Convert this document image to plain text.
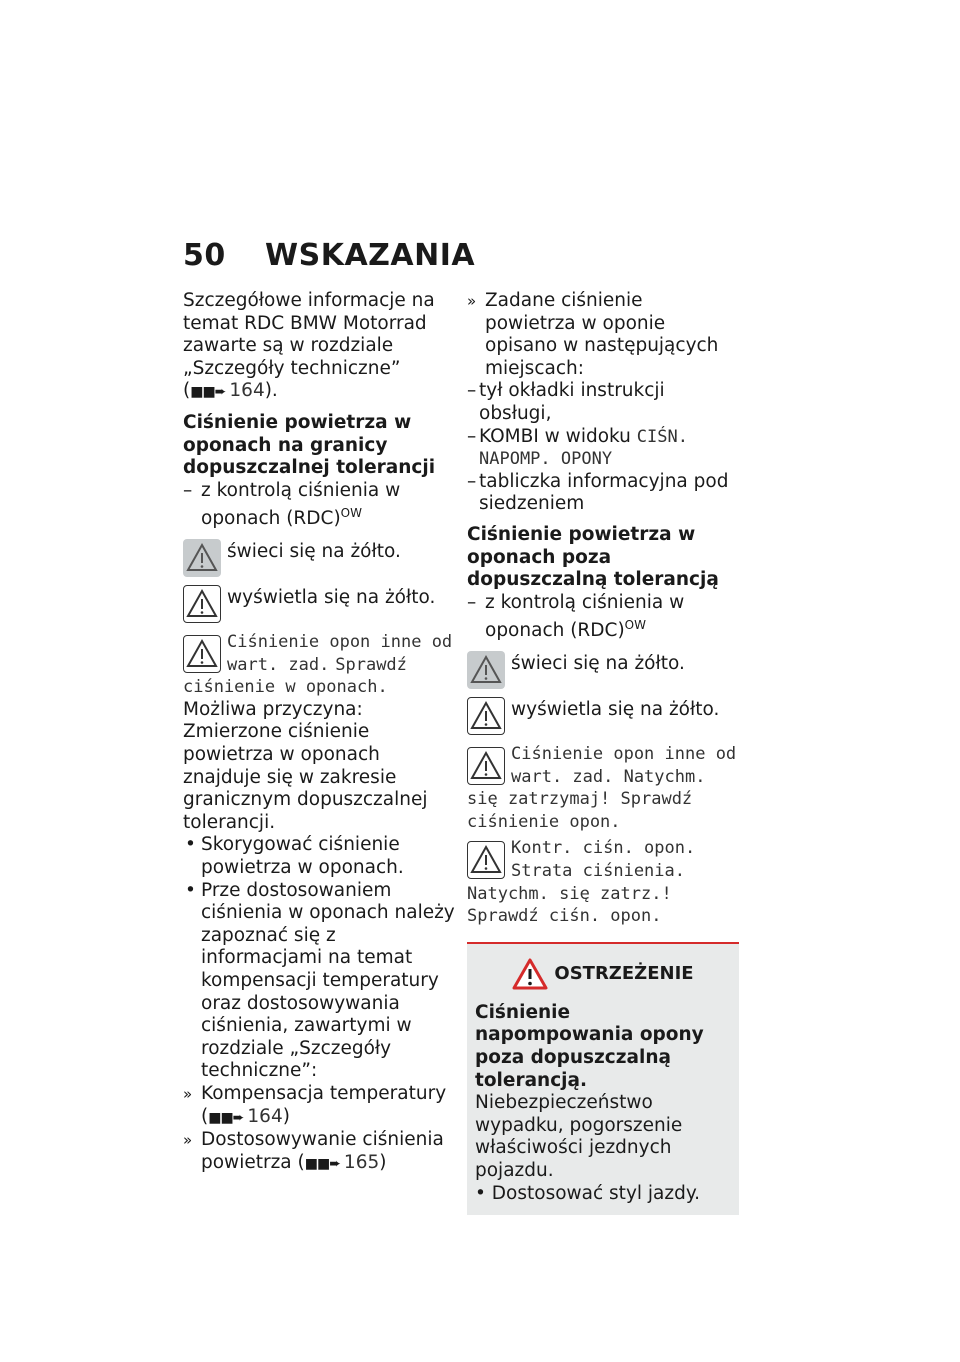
50 WSKAZANIA

Szczegółowe informacje na temat RDC BMW Motorrad zawarte są w rozdziale „Szczegóły techniczne” (■■➨ 164).

Ciśnienie powietrza w oponach na granicy dopuszczalnej tolerancji

– z kontrolą ciśnienia w oponach (RDC)$^{OW}$

świeci się na żółto.
wyświetla się na żółto.
Ciśnienie opon inne od wart. zad. Sprawdź ciśnienie w oponach.

Możliwa przyczyna:

Zmierzone ciśnienie powietrza w oponach znajduje się w zakresie granicznym dopuszczalnej tolerancji.

• Skorygować ciśnienie powietrza w oponach.

• Prze dostosowaniem ciśnienia w oponach należy zapoznać się z informacjami na temat kompensacji temperatury oraz dostosowywania ciśnienia, zawartymi w rozdziale „Szczegóły techniczne”:

» Kompensacja temperatury
(■■➨ 164)

» Dostosowywanie ciśnienia powietrza (■■➨ 165)

» Zadane ciśnienie powietrza w oponie opisano w następujących miejscach:

– tył okładki instrukcji obsługi,

– KOMBI w widoku CIŚN. NAPOMP. OPONY

– tabliczka informacyjna pod siedzeniem

Ciśnienie powietrza w oponach poza dopuszczalną tolerancją

– z kontrolą ciśnienia w oponach (RDC)$^{OW}$

świeci się na żółto.
wyświetla się na żółto.
Ciśnienie opon inne od wart. zad. Natychm. się zatrzymaj! Sprawdź ciśnienie opon.
Kontr. ciśn. opon. Strata ciśnienia. Natychm. się zatrz.! Sprawdź ciśn. opon.
OSTRZEŻENIE

Ciśnienie napompowania opony poza dopuszczalną tolerancją.

Niebezpieczeństwo wypadku, pogorszenie właściwości jezdnych pojazdu.

• Dostosować styl jazdy.
